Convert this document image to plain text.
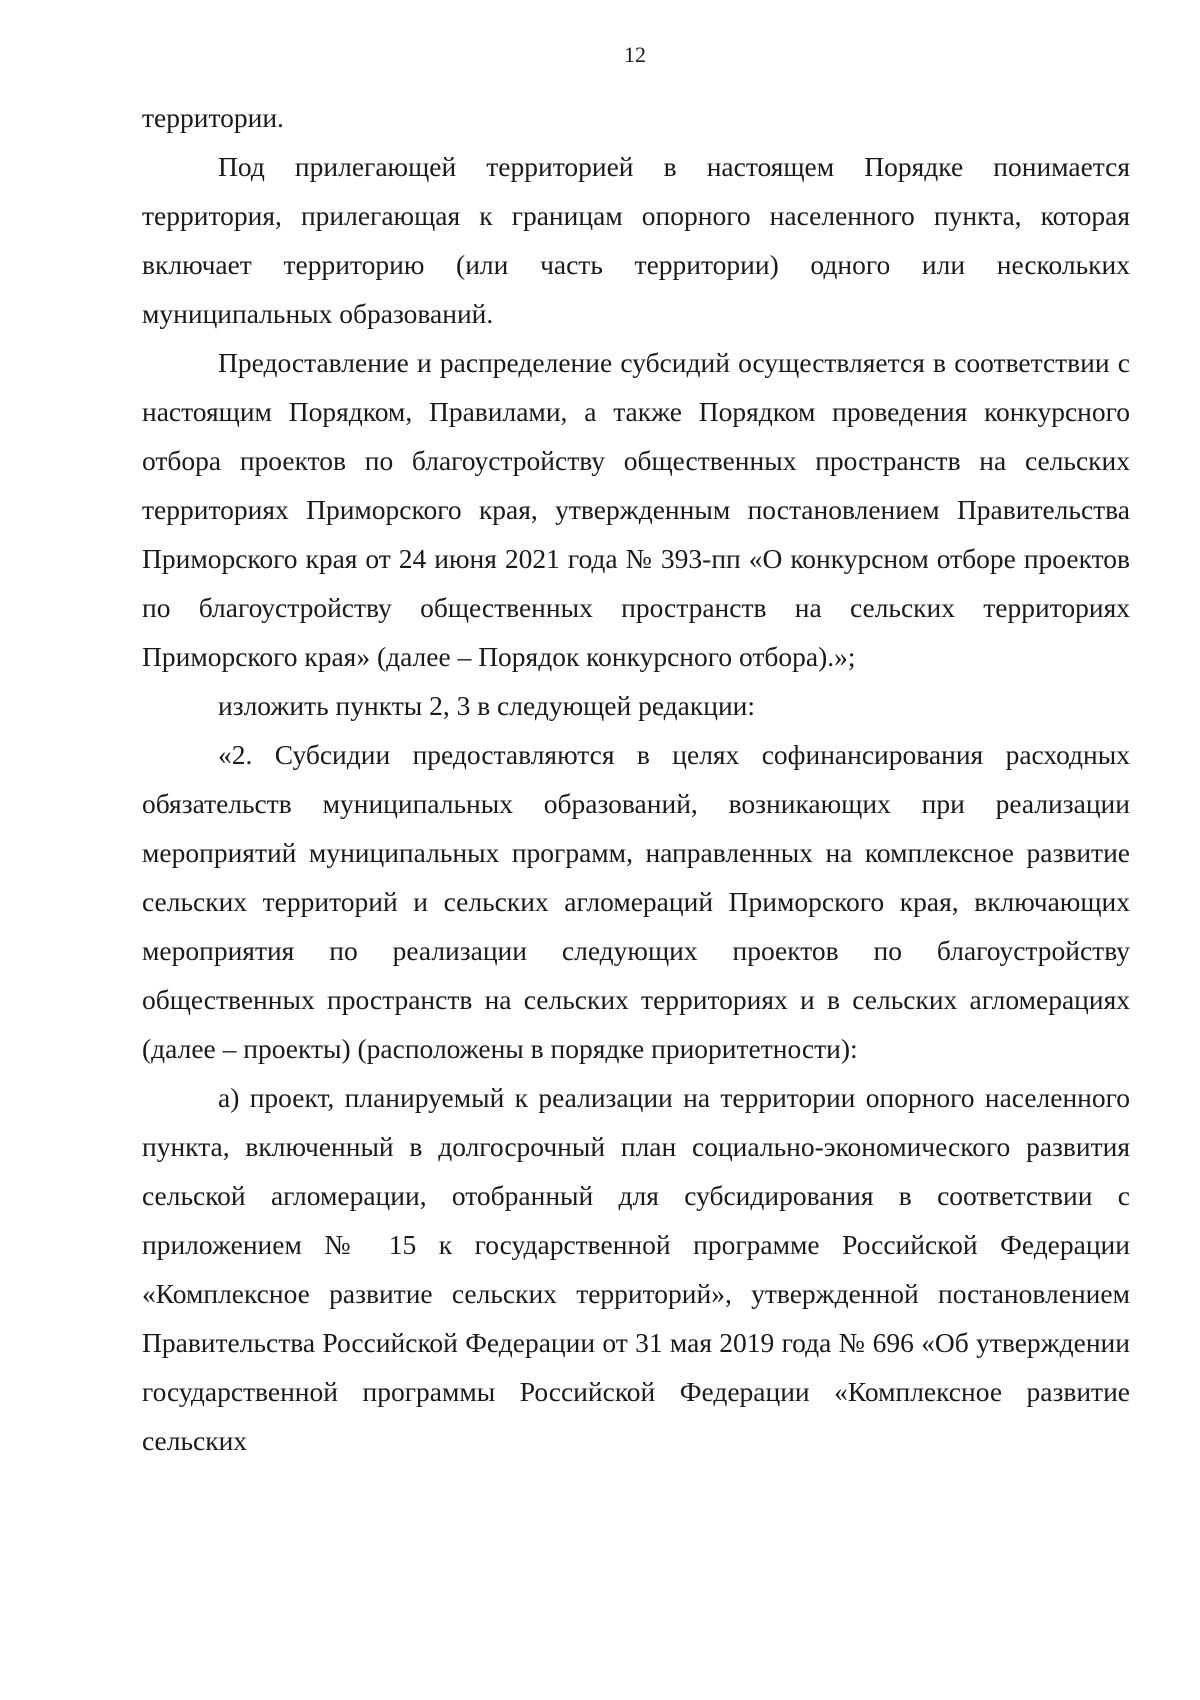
12

территории.

Под прилегающей территорией в настоящем Порядке понимается территория, прилегающая к границам опорного населенного пункта, которая включает территорию (или часть территории) одного или нескольких муниципальных образований.

Предоставление и распределение субсидий осуществляется в соответствии с настоящим Порядком, Правилами, а также Порядком проведения конкурсного отбора проектов по благоустройству общественных пространств на сельских территориях Приморского края, утвержденным постановлением Правительства Приморского края от 24 июня 2021 года № 393-пп «О конкурсном отборе проектов по благоустройству общественных пространств на сельских территориях Приморского края» (далее – Порядок конкурсного отбора).»;

изложить пункты 2, 3 в следующей редакции:

«2. Субсидии предоставляются в целях софинансирования расходных обязательств муниципальных образований, возникающих при реализации мероприятий муниципальных программ, направленных на комплексное развитие сельских территорий и сельских агломераций Приморского края, включающих мероприятия по реализации следующих проектов по благоустройству общественных пространств на сельских территориях и в сельских агломерациях (далее – проекты) (расположены в порядке приоритетности):

а) проект, планируемый к реализации на территории опорного населенного пункта, включенный в долгосрочный план социально-экономического развития сельской агломерации, отобранный для субсидирования в соответствии с приложением № 15 к государственной программе Российской Федерации «Комплексное развитие сельских территорий», утвержденной постановлением Правительства Российской Федерации от 31 мая 2019 года № 696 «Об утверждении государственной программы Российской Федерации «Комплексное развитие сельских
